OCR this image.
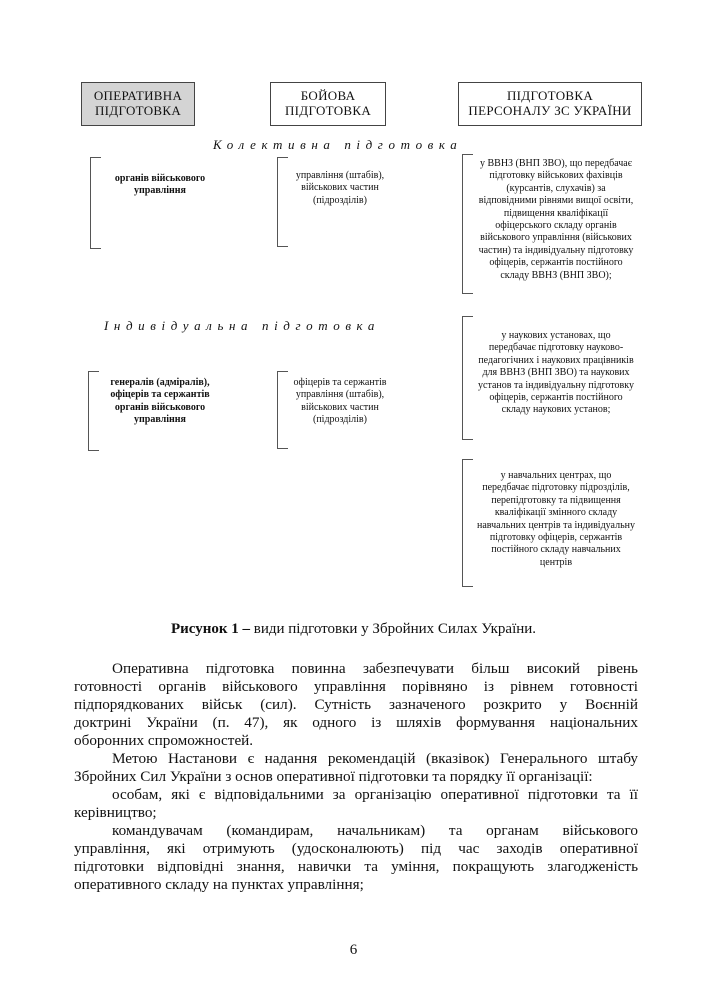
ОПЕРАТИВНА
ПІДГОТОВКА
БОЙОВА
ПІДГОТОВКА
ПІДГОТОВКА
ПЕРСОНАЛУ ЗС УКРАЇНИ
Колективна підготовка
Індивідуальна підготовка
органів військового
управління
управління (штабів),
військових частин
(підрозділів)
у ВВНЗ (ВНП ЗВО), що передбачає
підготовку військових фахівців
(курсантів, слухачів) за
відповідними рівнями вищої освіти,
підвищення кваліфікації
офіцерського складу органів
військового управління (військових
частин) та індивідуальну підготовку
офіцерів, сержантів постійного
складу ВВНЗ (ВНП ЗВО);
генералів (адміралів),
офіцерів та сержантів
органів військового
управління
офіцерів та сержантів
управління (штабів),
військових частин
(підрозділів)
у наукових установах, що
передбачає підготовку науково-
педагогічних і наукових працівників
для ВВНЗ (ВНП ЗВО) та наукових
установ та індивідуальну підготовку
офіцерів, сержантів постійного
складу наукових установ;
у навчальних центрах, що
передбачає підготовку підрозділів,
перепідготовку та підвищення
кваліфікації змінного складу
навчальних центрів та індивідуальну
підготовку офіцерів, сержантів
постійного складу навчальних
центрів
Рисунок 1 – види підготовки у Збройних Силах України.
Оперативна підготовка повинна забезпечувати більш високий рівень
готовності органів військового управління порівняно із рівнем готовності
підпорядкованих військ (сил). Сутність зазначеного розкрито у Воєнній
доктрині України (п. 47), як одного із шляхів формування національних
оборонних спроможностей.
Метою Настанови є надання рекомендацій (вказівок) Генерального штабу
Збройних Сил України з основ оперативної підготовки та порядку її організації:
особам, які є відповідальними за організацію оперативної підготовки та її
керівництво;
командувачам (командирам, начальникам) та органам військового
управління, які отримують (удосконалюють) під час заходів оперативної
підготовки відповідні знання, навички та уміння, покращують злагодженість
оперативного складу на пунктах управління;
6
